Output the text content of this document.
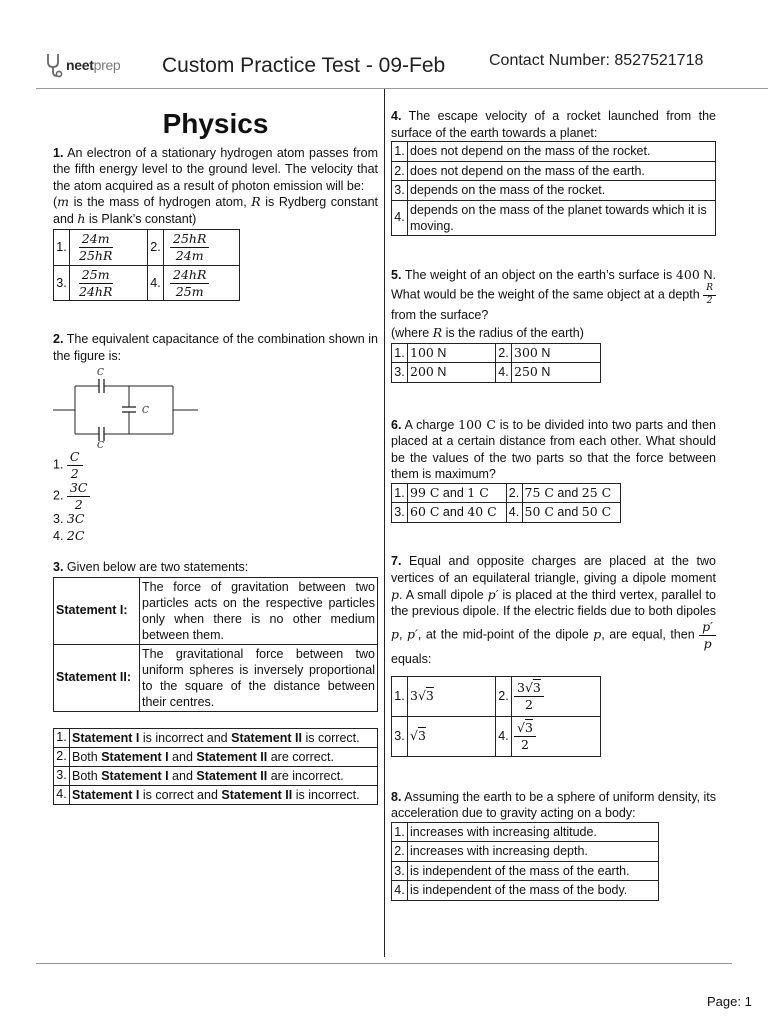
neetprep Custom Practice Test - 09-Feb	Contact Number: 8527521718
Physics
1. An electron of a stationary hydrogen atom passes from the fifth energy level to the ground level. The velocity that the atom acquired as a result of photon emission will be:
(m is the mass of hydrogen atom, R is Rydberg constant and h is Plank’s constant)
1.	$\frac{24m}{25hR}$	2.	$\frac{25hR}{24m}$

3.	$\frac{25m}{24hR}$	4.	$\frac{24hR}{25m}$
2. The equivalent capacitance of the combination shown in the figure is:
C
C
C
1. $\frac{C}{2}$
2. $\frac{3C}{2}$
3. 3C
4. 2C
3. Given below are two statements:
Statement I:	The force of gravitation between two particles acts on the respective particles only when there is no other medium between them.
Statement II:	The gravitational force between two uniform spheres is inversely proportional to the square of the distance between their centres.
1.	Statement I is incorrect and Statement II is correct.
2.	Both Statement I and Statement II are correct.
3.	Both Statement I and Statement II are incorrect.
4.	Statement I is correct and Statement II is incorrect.
4. The escape velocity of a rocket launched from the surface of the earth towards a planet:
1.	does not depend on the mass of the rocket.
2.	does not depend on the mass of the earth.
3.	depends on the mass of the rocket.
4.	depends on the mass of the planet towards which it is moving.
5. The weight of an object on the earth’s surface is 400 N. What would be the weight of the same object at a depth $\frac{R}{2}$
from the surface?
(where R is the radius of the earth)
1.	100 N	2.	300 N
3.	200 N	4.	250 N
6. A charge 100 C is to be divided into two parts and then placed at a certain distance from each other. What should be the values of the two parts so that the force between them is maximum?
1.	99 C and 1 C	2.	75 C and 25 C
3.	60 C and 40 C	4.	50 C and 50 C
7. Equal and opposite charges are placed at the two vertices of an equilateral triangle, giving a dipole moment p. A small dipole p′ is placed at the third vertex, parallel to the previous dipole. If the electric fields due to both dipoles p, p′, at the mid-point of the dipole p, are equal, then $\frac{p'}{p}$
equals:
1.	3√3	2.	$\frac{3√3}{2}$

3.	√3	4.	$\frac{√3}{2}$
8. Assuming the earth to be a sphere of uniform density, its acceleration due to gravity acting on a body:
1.	increases with increasing altitude.
2.	increases with increasing depth.
3.	is independent of the mass of the earth.
4.	is independent of the mass of the body.
Page: 1
